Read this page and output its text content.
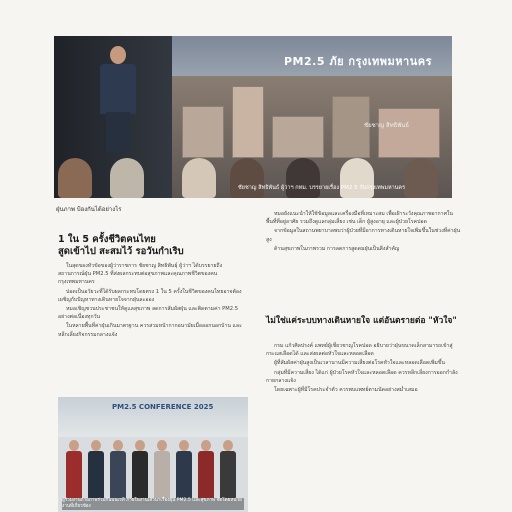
PM2.5 ภัย กรุงเทพมหานคร
ชัยชาญ สิทธิพันธ์
ชัยชาญ สิทธิพันธ์ ผู้ว่าฯ กทม. บรรยายเรื่อง PM2.5 กับกรุงเทพมหานคร
ฝุ่นภาพ ป้องกันได้อย่างไร
1 ใน 5 ครั้งชีวิตคนไทย
สูดเข้าไป สะสมไว้ รอวันกำเริบ

ในสุดของหัวข้อของผู้ว่าราชการ ชัยชาญ สิทธิพันธุ์ ผู้ว่าฯ ได้บรรยายถึงสถานการณ์ฝุ่น PM2.5 ที่ส่งผลกระทบต่อสุขภาพและคุณภาพชีวิตของคนกรุงเทพมหานคร

ปอดเป็นอวัยวะที่ได้รับผลกระทบโดยตรง 1 ใน 5 ครั้งในชีวิตของคนไทยอาจต้องเผชิญกับปัญหาทางเดินหายใจจากฝุ่นละออง

หมอเชิญชวนประชาชนให้ดูแลสุขภาพ ลดการสัมผัสฝุ่น และติดตามค่า PM2.5 อย่างต่อเนื่องทุกวัน

ในหลายพื้นที่ค่าฝุ่นเกินมาตรฐาน ควรสวมหน้ากากอนามัยเมื่อออกนอกบ้าน และหลีกเลี่ยงกิจกรรมกลางแจ้ง

หมอยังแนะนำให้ใช้ข้อมูลและเครื่องมือที่เหมาะสม เพื่อเฝ้าระวังคุณภาพอากาศในพื้นที่ที่อยู่อาศัย รวมถึงดูแลกลุ่มเสี่ยง เช่น เด็ก ผู้สูงอายุ และผู้ป่วยโรคปอด

จากข้อมูลในสถานพยาบาลพบว่าผู้ป่วยที่มีอาการทางเดินหายใจเพิ่มขึ้นในช่วงที่ค่าฝุ่นสูง

ด้านสุขภาพในภาพรวม การลดการสูดดมฝุ่นเป็นสิ่งสำคัญ

ไม่ใช่แค่ระบบทางเดินหายใจ แต่อันตรายต่อ "หัวใจ"

กรม แก้วศิลปรงค์ แพทย์ผู้เชี่ยวชาญโรคปอด อธิบายว่าฝุ่นขนาดเล็กสามารถเข้าสู่กระแสเลือดได้ และส่งผลต่อหัวใจและหลอดเลือด

ผู้ที่สัมผัสค่าฝุ่นสูงเป็นเวลานานมีความเสี่ยงต่อโรคหัวใจและหลอดเลือดเพิ่มขึ้น

กลุ่มที่มีความเสี่ยง ได้แก่ ผู้ป่วยโรคหัวใจและหลอดเลือด ควรหลีกเลี่ยงการออกกำลังกายกลางแจ้ง

โดยเฉพาะผู้ที่มีโรคประจำตัว ควรพบแพทย์ตามนัดอย่างสม่ำเสมอ

PM2.5 CONFERENCE 2025
ผู้ร่วมงานถ่ายภาพร่วมกันบนเวที ภายในงานเสวนาเรื่องฝุ่น PM2.5 และสุขภาพ จัดโดยหน่วยงานที่เกี่ยวข้อง
